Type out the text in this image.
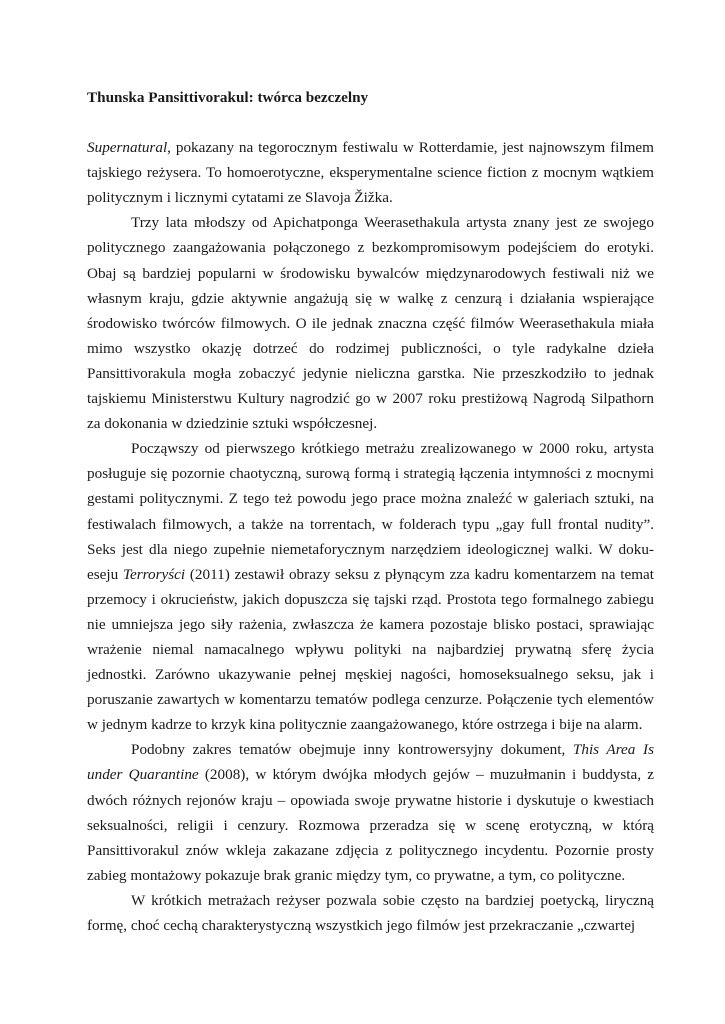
Thunska Pansittivorakul: twórca bezczelny

Supernatural, pokazany na tegorocznym festiwalu w Rotterdamie, jest najnowszym filmem tajskiego reżysera. To homoerotyczne, eksperymentalne science fiction z mocnym wątkiem politycznym i licznymi cytatami ze Slavoja Žižka.

Trzy lata młodszy od Apichatponga Weerasethakula artysta znany jest ze swojego politycznego zaangażowania połączonego z bezkompromisowym podejściem do erotyki. Obaj są bardziej popularni w środowisku bywalców międzynarodowych festiwali niż we własnym kraju, gdzie aktywnie angażują się w walkę z cenzurą i działania wspierające środowisko twórców filmowych. O ile jednak znaczna część filmów Weerasethakula miała mimo wszystko okazję dotrzeć do rodzimej publiczności, o tyle radykalne dzieła Pansittivorakula mogła zobaczyć jedynie nieliczna garstka. Nie przeszkodziło to jednak tajskiemu Ministerstwu Kultury nagrodzić go w 2007 roku prestiżową Nagrodą Silpathorn za dokonania w dziedzinie sztuki współczesnej.

Począwszy od pierwszego krótkiego metrażu zrealizowanego w 2000 roku, artysta posługuje się pozornie chaotyczną, surową formą i strategią łączenia intymności z mocnymi gestami politycznymi. Z tego też powodu jego prace można znaleźć w galeriach sztuki, na festiwalach filmowych, a także na torrentach, w folderach typu „gay full frontal nudity”. Seks jest dla niego zupełnie niemetaforycznym narzędziem ideologicznej walki. W doku-eseju Terroryści (2011) zestawił obrazy seksu z płynącym zza kadru komentarzem na temat przemocy i okrucieństw, jakich dopuszcza się tajski rząd. Prostota tego formalnego zabiegu nie umniejsza jego siły rażenia, zwłaszcza że kamera pozostaje blisko postaci, sprawiając wrażenie niemal namacalnego wpływu polityki na najbardziej prywatną sferę życia jednostki. Zarówno ukazywanie pełnej męskiej nagości, homoseksualnego seksu, jak i poruszanie zawartych w komentarzu tematów podlega cenzurze. Połączenie tych elementów w jednym kadrze to krzyk kina politycznie zaangażowanego, które ostrzega i bije na alarm.

Podobny zakres tematów obejmuje inny kontrowersyjny dokument, This Area Is under Quarantine (2008), w którym dwójka młodych gejów – muzułmanin i buddysta, z dwóch różnych rejonów kraju – opowiada swoje prywatne historie i dyskutuje o kwestiach seksualności, religii i cenzury. Rozmowa przeradza się w scenę erotyczną, w którą Pansittivorakul znów wkleja zakazane zdjęcia z politycznego incydentu. Pozornie prosty zabieg montażowy pokazuje brak granic między tym, co prywatne, a tym, co polityczne.

W krótkich metrażach reżyser pozwala sobie często na bardziej poetycką, liryczną formę, choć cechą charakterystyczną wszystkich jego filmów jest przekraczanie „czwartej
